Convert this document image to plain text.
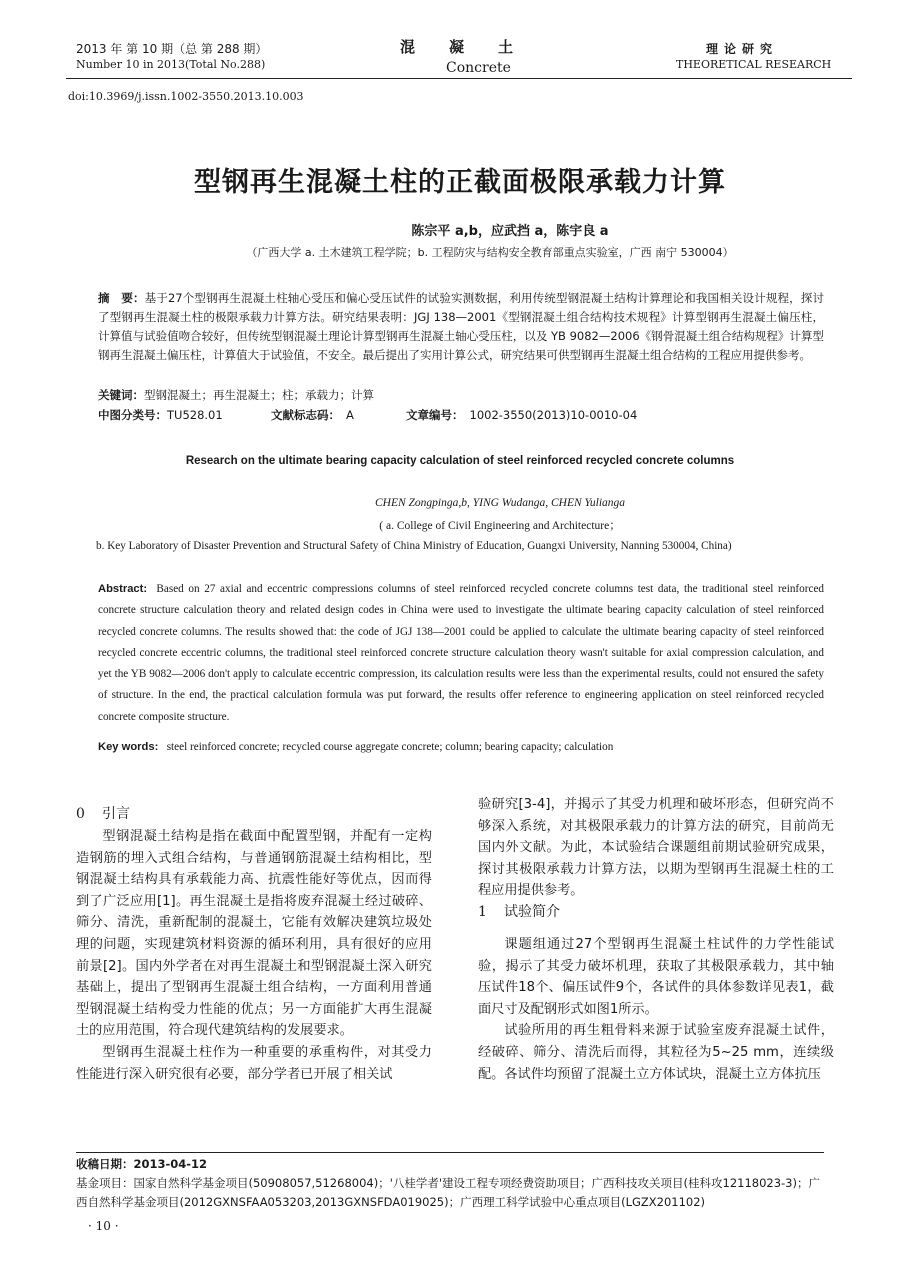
2013 年 第 10 期（总 第 288 期）
Number 10 in 2013(Total No.288)
混凝土
Concrete
理论研究
THEORETICAL RESEARCH
doi:10.3969/j.issn.1002-3550.2013.10.003
型钢再生混凝土柱的正截面极限承载力计算
陈宗平 a,b，应武挡 a，陈宇良 a
（广西大学 a. 土木建筑工程学院；b. 工程防灾与结构安全教育部重点实验室，广西 南宁 530004）
摘　要：基于27个型钢再生混凝土柱轴心受压和偏心受压试件的试验实测数据，利用传统型钢混凝土结构计算理论和我国相关设计规程，探讨了型钢再生混凝土柱的极限承载力计算方法。研究结果表明：JGJ 138—2001《型钢混凝土组合结构技术规程》计算型钢再生混凝土偏压柱，计算值与试验值吻合较好，但传统型钢混凝土理论计算型钢再生混凝土轴心受压柱，以及 YB 9082—2006《钢骨混凝土组合结构规程》计算型钢再生混凝土偏压柱，计算值大于试验值，不安全。最后提出了实用计算公式，研究结果可供型钢再生混凝土组合结构的工程应用提供参考。
关键词：型钢混凝土；再生混凝土；柱；承载力；计算
中图分类号：TU528.01	文献标志码： A	文章编号： 1002-3550(2013)10-0010-04
Research on the ultimate bearing capacity calculation of steel reinforced recycled concrete columns
CHEN Zongpinga,b, YING Wudanga, CHEN Yulianga
( a. College of Civil Engineering and Architecture；
b. Key Laboratory of Disaster Prevention and Structural Safety of China Ministry of Education, Guangxi University, Nanning 530004, China)
Abstract: Based on 27 axial and eccentric compressions columns of steel reinforced recycled concrete columns test data, the traditional steel reinforced concrete structure calculation theory and related design codes in China were used to investigate the ultimate bearing capacity calculation of steel reinforced recycled concrete columns. The results showed that: the code of JGJ 138—2001 could be applied to calculate the ultimate bearing capacity of steel reinforced recycled concrete eccentric columns, the traditional steel reinforced concrete structure calculation theory wasn't suitable for axial compression calculation, and yet the YB 9082—2006 don't apply to calculate eccentric compression, its calculation results were less than the experimental results, could not ensured the safety of structure. In the end, the practical calculation formula was put forward, the results offer reference to engineering application on steel reinforced recycled concrete composite structure.
Key words: steel reinforced concrete; recycled course aggregate concrete; column; bearing capacity; calculation
0 引言

型钢混凝土结构是指在截面中配置型钢，并配有一定构造钢筋的埋入式组合结构，与普通钢筋混凝土结构相比，型钢混凝土结构具有承载能力高、抗震性能好等优点，因而得到了广泛应用[1]。再生混凝土是指将废弃混凝土经过破碎、筛分、清洗，重新配制的混凝土，它能有效解决建筑垃圾处理的问题，实现建筑材料资源的循环利用，具有很好的应用前景[2]。国内外学者在对再生混凝土和型钢混凝土深入研究基础上，提出了型钢再生混凝土组合结构，一方面利用普通型钢混凝土结构受力性能的优点；另一方面能扩大再生混凝土的应用范围，符合现代建筑结构的发展要求。

型钢再生混凝土柱作为一种重要的承重构件，对其受力性能进行深入研究很有必要，部分学者已开展了相关试

验研究[3-4]，并揭示了其受力机理和破坏形态，但研究尚不够深入系统，对其极限承载力的计算方法的研究，目前尚无国内外文献。为此，本试验结合课题组前期试验研究成果，探讨其极限承载力计算方法，以期为型钢再生混凝土柱的工程应用提供参考。

1 试验简介

课题组通过27个型钢再生混凝土柱试件的力学性能试验，揭示了其受力破坏机理，获取了其极限承载力，其中轴压试件18个、偏压试件9个，各试件的具体参数详见表1，截面尺寸及配钢形式如图1所示。

试验所用的再生粗骨料来源于试验室废弃混凝土试件，经破碎、筛分、清洗后而得，其粒径为5~25 mm，连续级配。各试件均预留了混凝土立方体试块，混凝土立方体抗压

收稿日期：2013-04-12
基金项目：国家自然科学基金项目(50908057,51268004)；'八桂学者'建设工程专项经费资助项目；广西科技攻关项目(桂科攻12118023-3)；广西自然科学基金项目(2012GXNSFAA053203,2013GXNSFDA019025)；广西理工科学试验中心重点项目(LGZX201102)
· 10 ·
